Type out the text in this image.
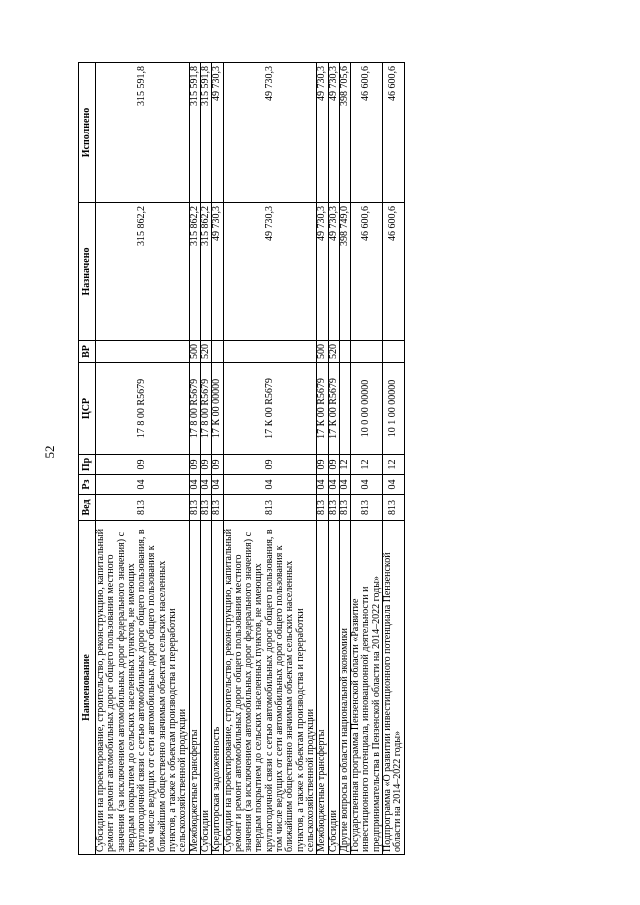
52
Наименование	Вед	Рз	Пр	ЦСР	ВР	Назначено	Исполнено
Субсидии на проектирование, строительство, реконструкцию, капитальный ремонт и ремонт автомобильных дорог общего пользования местного значения (за исключением автомобильных дорог федерального значения) с твердым покрытием до сельских населенных пунктов, не имеющих круглогодичной связи с сетью автомобильных дорог общего пользования, в том числе ведущих от сети автомобильных дорог общего пользования к ближайшим общественно значимым объектам сельских населенных пунктов, а также к объектам производства и переработки сельскохозяйственной продукции	813	04	09	17 8 00 R5679		315 862,2	315 591,8
Межбюджетные трансферты	813	04	09	17 8 00 R5679	500	315 862,2	315 591,8
Субсидии	813	04	09	17 8 00 R5679	520	315 862,2	315 591,8
Кредиторская задолженность	813	04	09	17 К 00 00000		49 730,3	49 730,3
Субсидии на проектирование, строительство, реконструкцию, капитальный ремонт и ремонт автомобильных дорог общего пользования местного значения (за исключением автомобильных дорог федерального значения) с твердым покрытием до сельских населенных пунктов, не имеющих круглогодичной связи с сетью автомобильных дорог общего пользования, в том числе ведущих от сети автомобильных дорог общего пользования к ближайшим общественно значимым объектам сельских населенных пунктов, а также к объектам производства и переработки сельскохозяйственной продукции	813	04	09	17 К 00 R5679		49 730,3	49 730,3
Межбюджетные трансферты	813	04	09	17 К 00 R5679	500	49 730,3	49 730,3
Субсидии	813	04	09	17 К 00 R5679	520	49 730,3	49 730,3
Другие вопросы в области национальной экономики	813	04	12			398 749,0	398 705,6
Государственная программа Пензенской области «Развитие инвестиционного потенциала, инновационной деятельности и предпринимательства в Пензенской области на 2014–2022 годы»	813	04	12	10 0 00 00000		46 600,6	46 600,6
Подпрограмма «О развитии инвестиционного потенциала Пензенской области на 2014–2022 годы»	813	04	12	10 1 00 00000		46 600,6	46 600,6
